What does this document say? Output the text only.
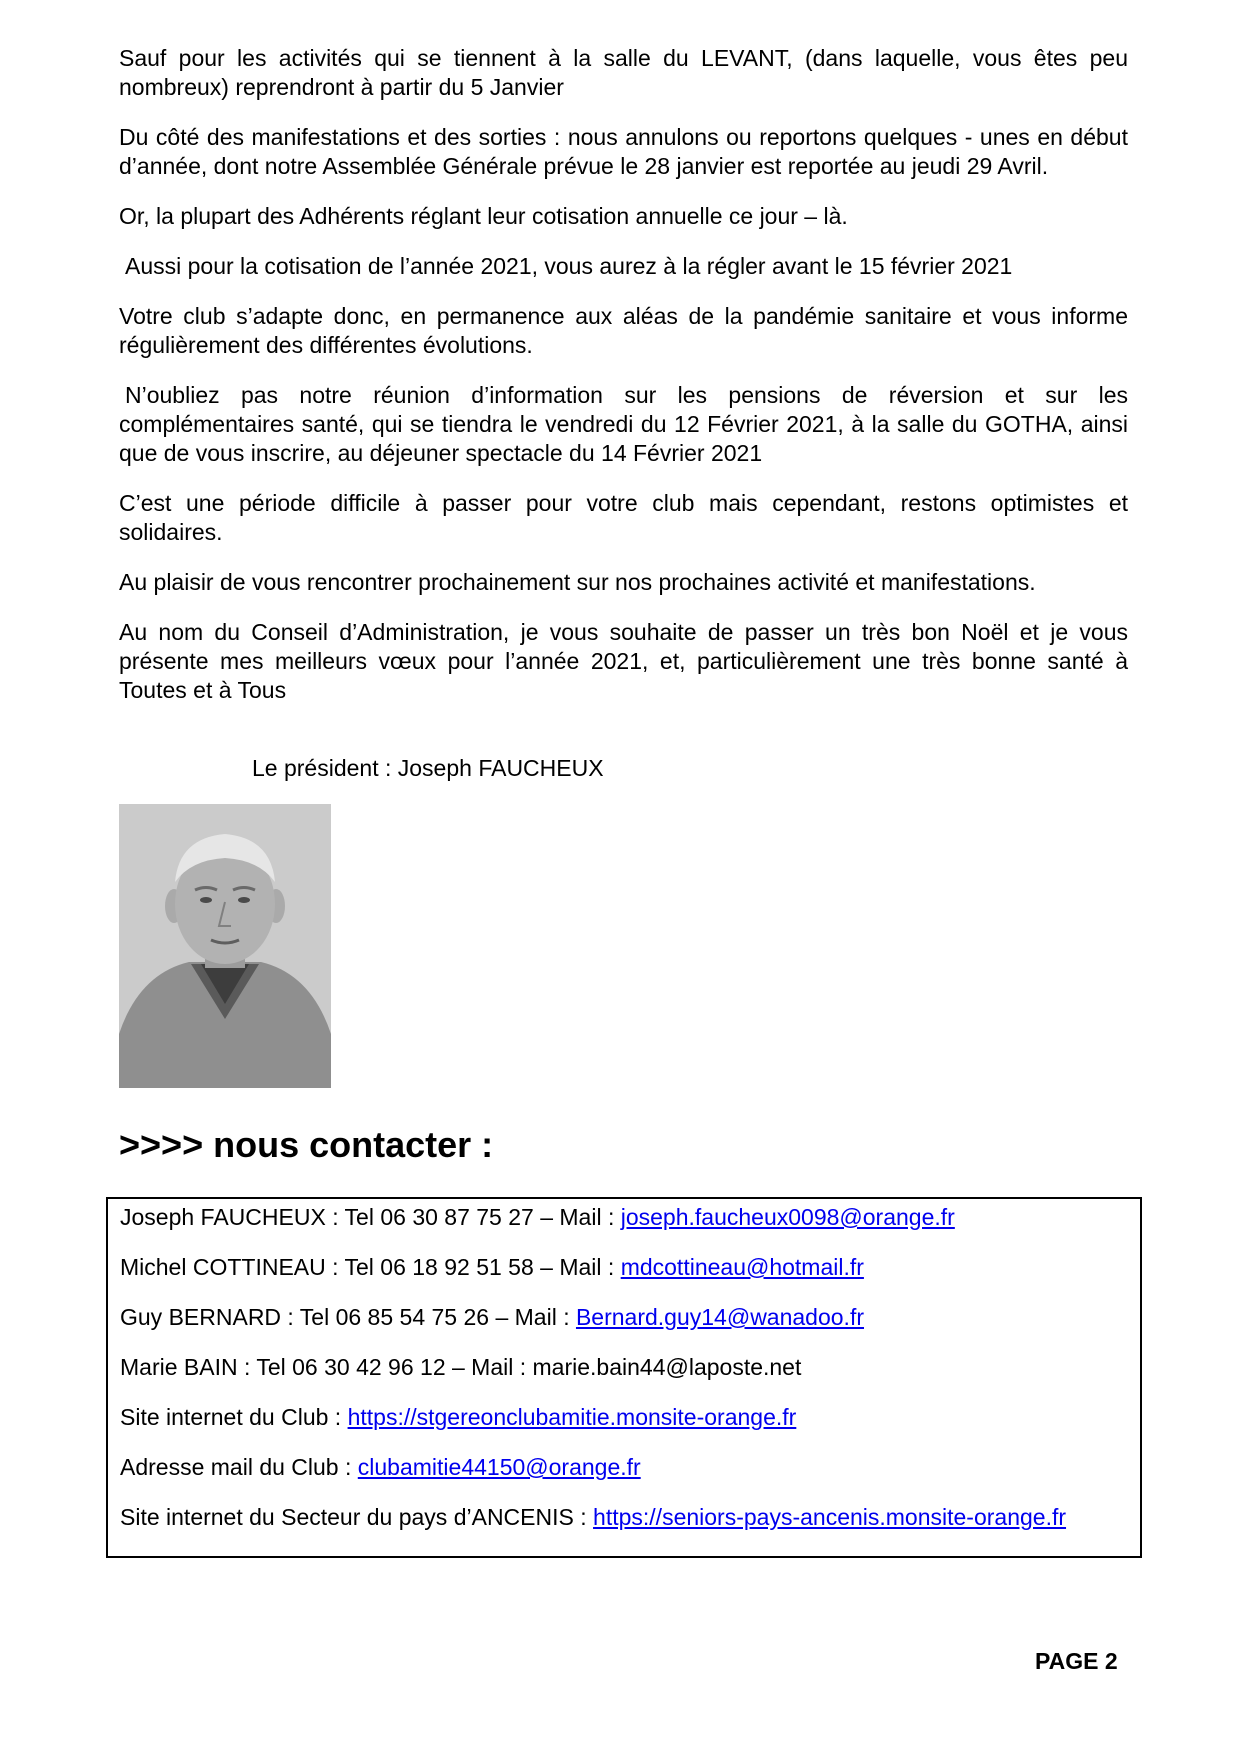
Sauf pour les activités qui se tiennent à la salle du LEVANT, (dans laquelle, vous êtes peu nombreux) reprendront à partir du 5 Janvier

Du côté des manifestations et des sorties : nous annulons ou reportons quelques - unes en début d’année, dont notre Assemblée Générale prévue le 28 janvier est reportée au jeudi 29 Avril.

Or, la plupart des Adhérents réglant leur cotisation annuelle ce jour – là.

Aussi pour la cotisation de l’année 2021, vous aurez à la régler avant le 15 février 2021

Votre club s’adapte donc, en permanence aux aléas de la pandémie sanitaire et vous informe régulièrement des différentes évolutions.

N’oubliez pas notre réunion d’information sur les pensions de réversion et sur les complémentaires santé, qui se tiendra le vendredi du 12 Février 2021, à la salle du GOTHA, ainsi que de vous inscrire, au déjeuner spectacle du 14 Février 2021

C’est une période difficile à passer pour votre club mais cependant, restons optimistes et solidaires.

Au plaisir de vous rencontrer prochainement sur nos prochaines activité et manifestations.

Au nom du Conseil d’Administration, je vous souhaite de passer un très bon Noël et je vous présente mes meilleurs vœux pour l’année 2021, et, particulièrement une très bonne santé à Toutes et à Tous

Le président : Joseph FAUCHEUX
>>>> nous contacter :
Joseph FAUCHEUX : Tel 06 30 87 75 27 – Mail : joseph.faucheux0098@orange.fr
Michel COTTINEAU : Tel 06 18 92 51 58 – Mail : mdcottineau@hotmail.fr
Guy BERNARD : Tel 06 85 54 75 26 – Mail : Bernard.guy14@wanadoo.fr
Marie BAIN : Tel 06 30 42 96 12 – Mail : marie.bain44@laposte.net
Site internet du Club : https://stgereonclubamitie.monsite-orange.fr
Adresse mail du Club : clubamitie44150@orange.fr
Site internet du Secteur du pays d’ANCENIS : https://seniors-pays-ancenis.monsite-orange.fr
PAGE 2
